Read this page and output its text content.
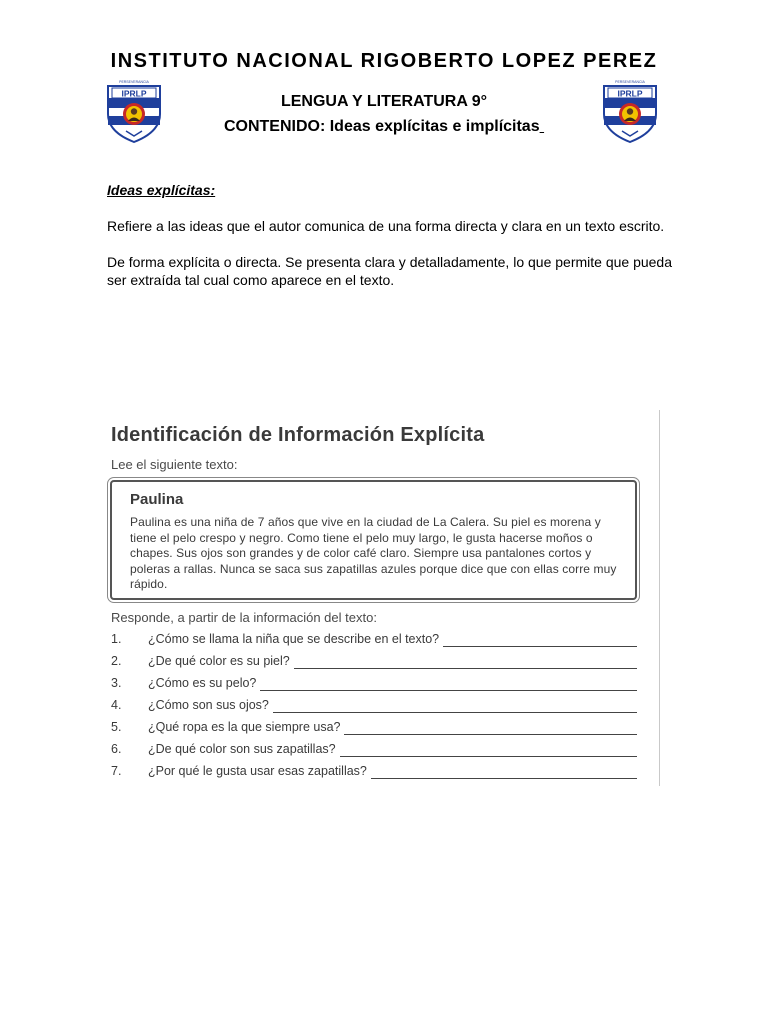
INSTITUTO NACIONAL RIGOBERTO LOPEZ PEREZ
IPRLP
PERSEVERANCIA
IPRLP
PERSEVERANCIA
LENGUA Y LITERATURA 9°
CONTENIDO: Ideas explícitas e implícitas
Ideas explícitas:
Refiere a las ideas que el autor comunica de una forma directa y clara en un texto escrito.
De forma explícita o directa. Se presenta clara y detalladamente, lo que permite que pueda ser extraída tal cual como aparece en el texto.
Identificación de Información Explícita
Lee el siguiente texto:
Paulina
Paulina es una niña de 7 años que vive en la ciudad de La Calera. Su piel es morena y tiene el pelo crespo y negro. Como tiene el pelo muy largo, le gusta hacerse moños o chapes. Sus ojos son grandes y de color café claro. Siempre usa pantalones cortos y poleras a rallas. Nunca se saca sus zapatillas azules porque dice que con ellas corre muy rápido.
Responde, a partir de la información del texto:
1.	¿Cómo se llama la niña que se describe en el texto?
2.	¿De qué color es su piel?
3.	¿Cómo es su pelo?
4.	¿Cómo son sus ojos?
5.	¿Qué ropa es la que siempre usa?
6.	¿De qué color son sus zapatillas?
7.	¿Por qué le gusta usar esas zapatillas?
